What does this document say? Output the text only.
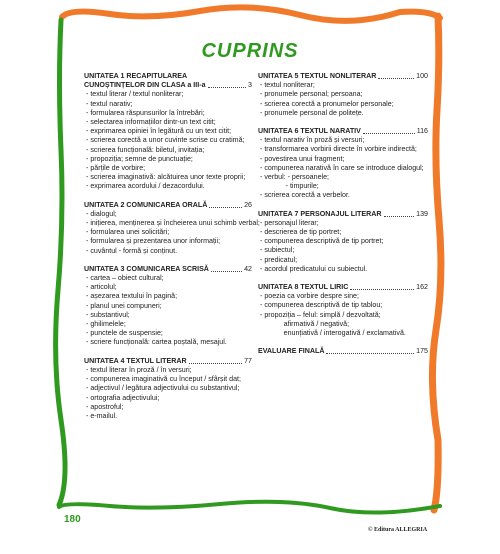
CUPRINS
UNITATEA 1 RECAPITULAREA
CUNOȘTINȚELOR DIN CLASA a III-a	3
- textul literar / textul nonliterar;
- textul narativ;
- formularea răspunsurilor la întrebări;
- selectarea informațiilor dintr-un text citit;
- exprimarea opiniei în legătură cu un text citit;
- scrierea corectă a unor cuvinte scrise cu cratimă;
- scrierea funcțională: biletul, invitația;
- propoziția; semne de punctuație;
- părțile de vorbire;
- scrierea imaginativă: alcătuirea unor texte proprii;
- exprimarea acordului / dezacordului.
UNITATEA 2 COMUNICAREA ORALĂ	26
- dialogul;
- inițierea, menținerea și încheierea unui schimb verbal;
- formularea unei solicitări;
- formularea și prezentarea unor informații;
- cuvântul - formă și conținut.
UNITATEA 3 COMUNICAREA SCRISĂ	42
- cartea – obiect cultural;
- articolul;
- așezarea textului în pagină;
- planul unei compuneri;
- substantivul;
- ghilimelele;
- punctele de suspensie;
- scriere funcțională: cartea poștală, mesajul.
UNITATEA 4 TEXTUL LITERAR	77
- textul literar în proză / în versuri;
- compunerea imaginativă cu început / sfârșit dat;
- adjectivul / legătura adjectivului cu substantivul;
- ortografia adjectivului;
- apostroful;
- e-mailul.
UNITATEA 5 TEXTUL NONLITERAR	100
- textul nonliterar;
- pronumele personal; persoana;
- scrierea corectă a pronumelor personale;
- pronumele personal de politețe.
UNITATEA 6 TEXTUL NARATIV	116
- textul narativ în proză și versuri;
- transformarea vorbirii directe în vorbire indirectă;
- povestirea unui fragment;
- compunerea narativă în care se introduce dialogul;
- verbul: - persoanele;
- timpurile;
- scrierea corectă a verbelor.
UNITATEA 7 PERSONAJUL LITERAR	139
- personajul literar;
- descrierea de tip portret;
- compunerea descriptivă de tip portret;
- subiectul;
- predicatul;
- acordul predicatului cu subiectul.
UNITATEA 8 TEXTUL LIRIC	162
- poezia ca vorbire despre sine;
- compunerea descriptivă de tip tablou;
- propoziția – felul: simplă / dezvoltată;
afirmativă / negativă;
enunțiativă / interogativă / exclamativă.
EVALUARE FINALĂ	175
180
© Editura ALLEGRIA
